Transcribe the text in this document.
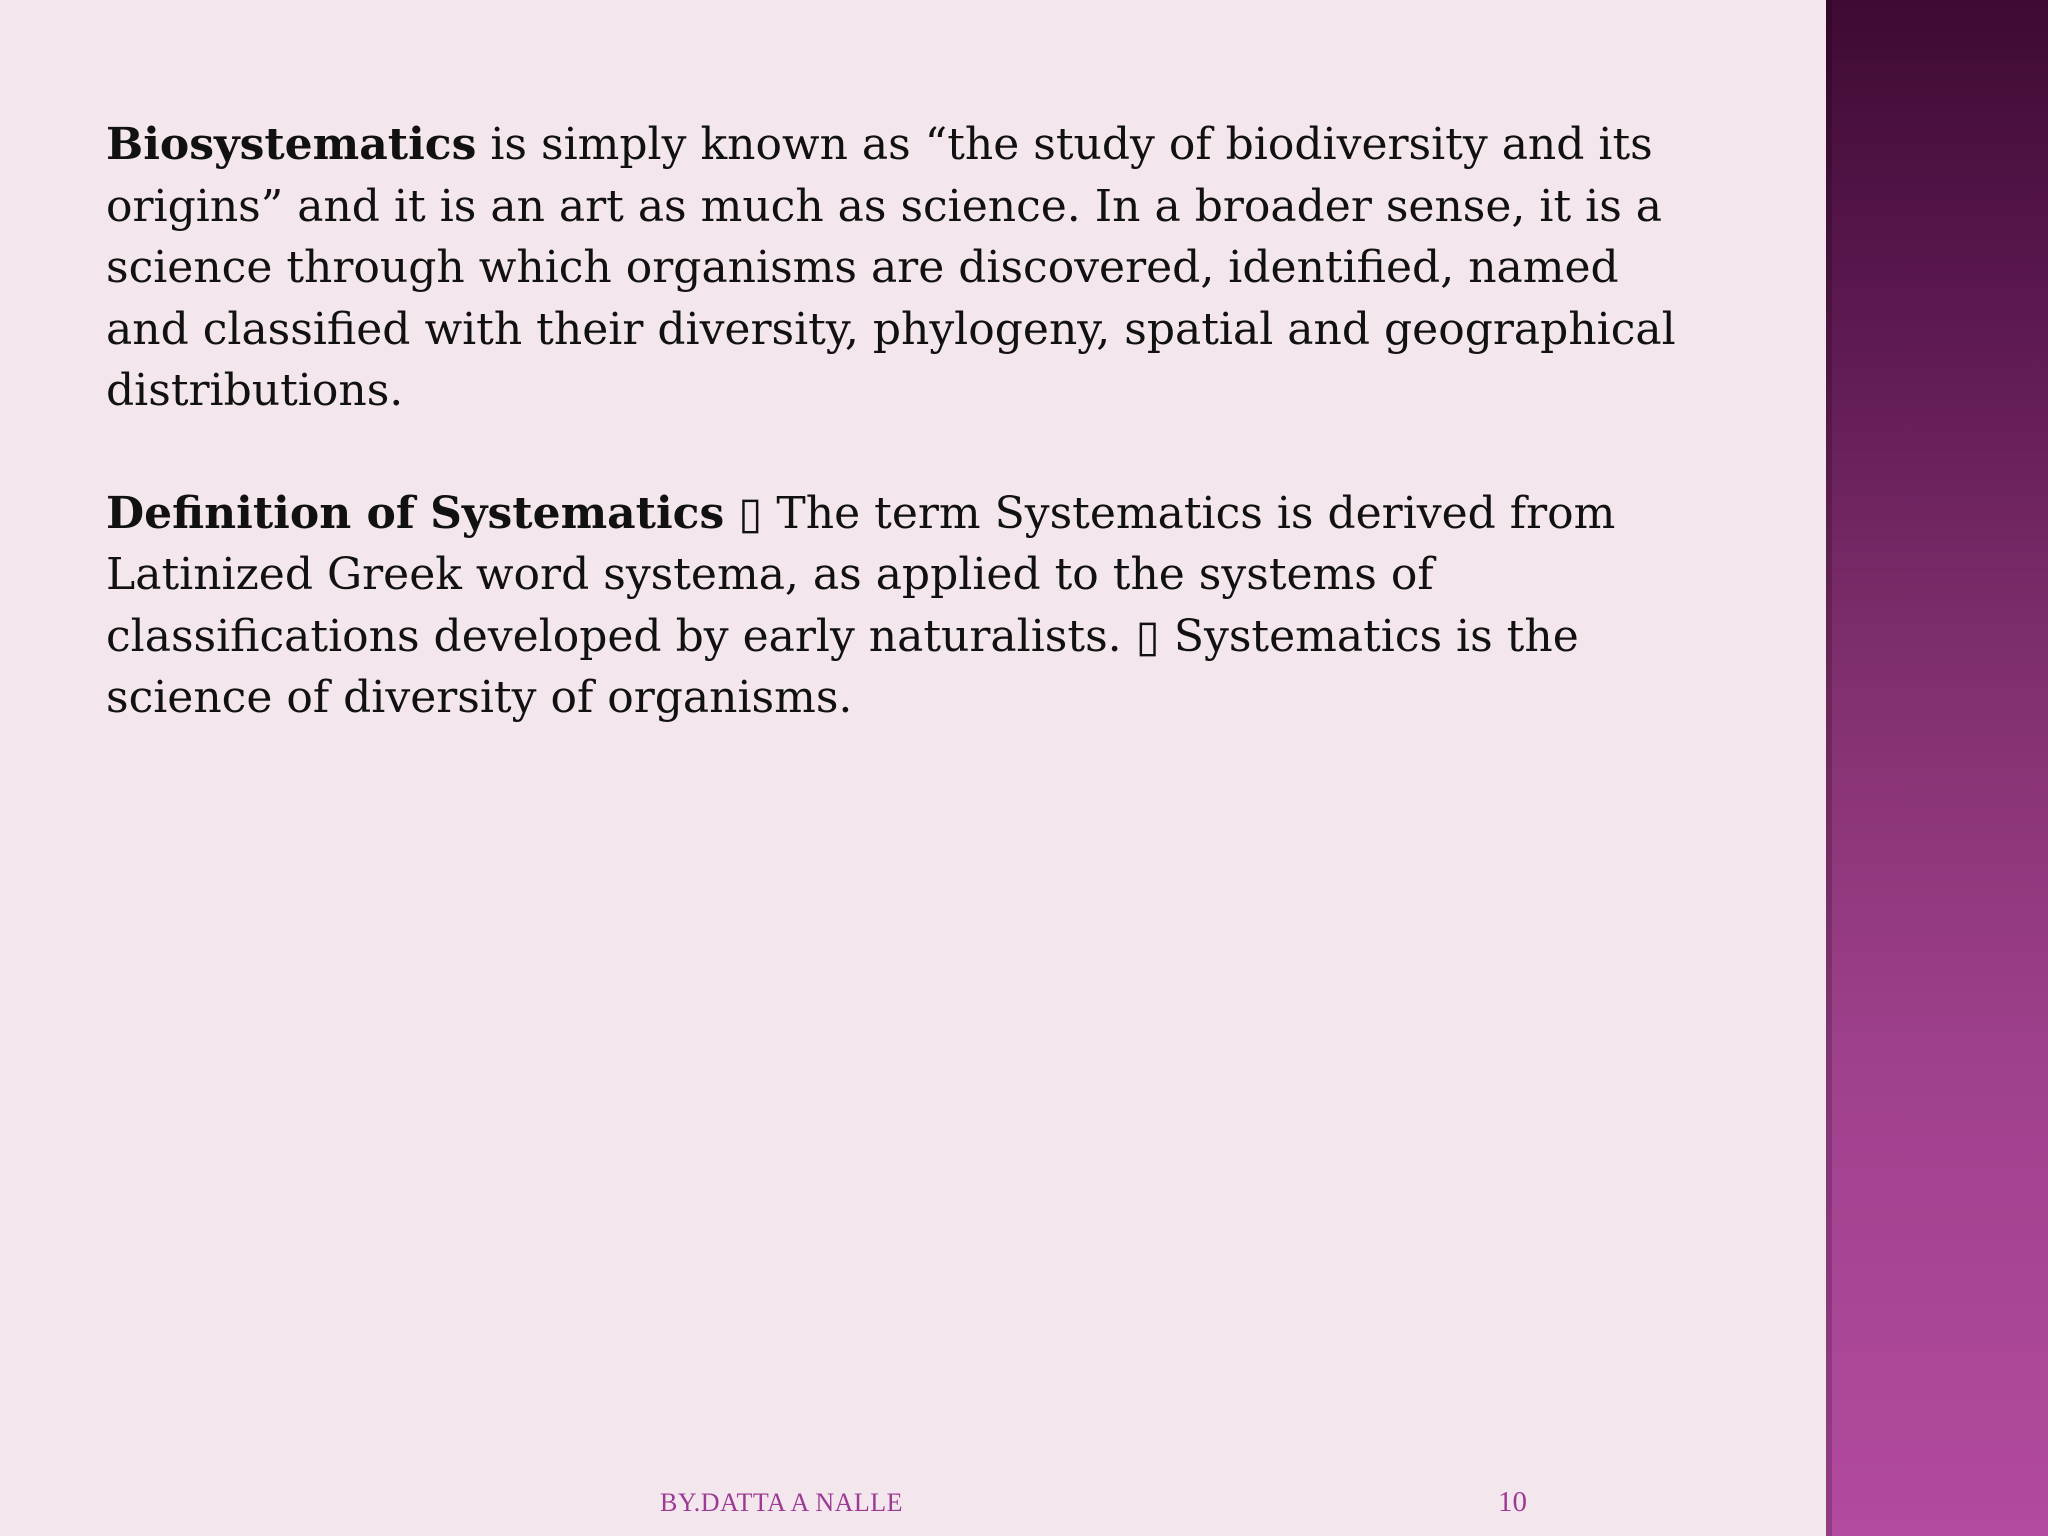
Biosystematics is simply known as “the study of biodiversity and its origins” and it is an art as much as science. In a broader sense, it is a science through which organisms are discovered, identified, named and classified with their diversity, phylogeny, spatial and geographical distributions.

Definition of Systematics ▯ The term Systematics is derived from Latinized Greek word systema, as applied to the systems of classifications developed by early naturalists. ▯ Systematics is the science of diversity of organisms.

BY.DATTA A NALLE	10
